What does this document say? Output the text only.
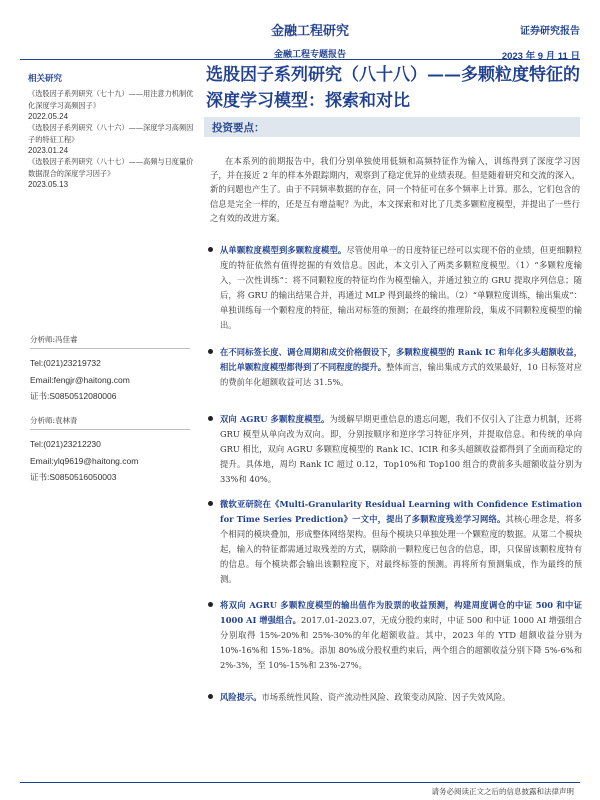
金融工程研究
金融工程专题报告
证券研究报告
2023 年 9 月 11 日
相关研究
《选股因子系列研究（七十九）——用注意力机制优化深度学习高频因子》
2022.05.24
《选股因子系列研究（八十六）——深度学习高频因子的特征工程》
2023.01.24
《选股因子系列研究（八十七）——高频与日度量价数据混合的深度学习因子》
2023.05.13
分析师:冯佳睿
Tel:(021)23219732
Email:fengjr@haitong.com
证书:S0850512080006
分析师:袁林青
Tel:(021)23212230
Email:ylq9619@haitong.com
证书:S0850516050003
选股因子系列研究（八十八）——多颗粒度特征的深度学习模型：探索和对比
投资要点：

在本系列的前期报告中，我们分别单独使用低频和高频特征作为输入，训练得到了深度学习因子，并在接近 2 年的样本外跟踪期内，观察到了稳定优异的业绩表现。但是随着研究和交流的深入，新的问题也产生了。由于不同频率数据的存在，同一个特征可在多个频率上计算。那么，它们包含的信息是完全一样的，还是互有增益呢？为此，本文探索和对比了几类多颗粒度模型，并提出了一些行之有效的改进方案。

从单颗粒度模型到多颗粒度模型。尽管使用单一的日度特征已经可以实现不俗的业绩，但更细颗粒度的特征依然有值得挖掘的有效信息。因此，本文引入了两类多颗粒度模型。（1）“多颗粒度输入，一次性训练”：将不同颗粒度的特征均作为模型输入，并通过独立的 GRU 提取序列信息；随后，将 GRU 的输出结果合并，再通过 MLP 得到最终的输出。（2）“单颗粒度训练，输出集成”：单独训练每一个颗粒度的特征，输出对标签的预测；在最终的推理阶段，集成不同颗粒度模型的输出。
在不同标签长度、调仓周期和成交价格假设下，多颗粒度模型的 Rank IC 和年化多头超额收益，相比单颗粒度模型都得到了不同程度的提升。整体而言，输出集成方式的效果最好，10 日标签对应的费前年化超额收益可达 31.5%。
双向 AGRU 多颗粒度模型。为缓解早期更重信息的遗忘问题，我们不仅引入了注意力机制，还将 GRU 模型从单向改为双向。即，分别按顺序和逆序学习特征序列，并提取信息。和传统的单向 GRU 相比，双向 AGRU 多颗粒度模型的 Rank IC、ICIR 和多头超额收益都得到了全面而稳定的提升。具体地，周均 Rank IC 超过 0.12，Top10%和 Top100 组合的费前多头超额收益分别为 33%和 40%。
微软亚研院在《Multi-Granularity Residual Learning with Confidence Estimation for Time Series Prediction》一文中，提出了多颗粒度残差学习网络。其核心理念是，将多个相同的模块叠加，形成整体网络架构。但每个模块只单独处理一个颗粒度的数据。从第二个模块起，输入的特征都需通过取残差的方式，剔除前一颗粒度已包含的信息，即，只保留该颗粒度特有的信息。每个模块都会输出该颗粒度下，对最终标签的预测。再将所有预测集成，作为最终的预测。
将双向 AGRU 多颗粒度模型的输出值作为股票的收益预测，构建周度调仓的中证 500 和中证 1000 AI 增强组合。2017.01-2023.07，无成分股约束时，中证 500 和中证 1000 AI 增强组合分别取得 15%-20%和 25%-30%的年化超额收益。其中，2023 年的 YTD 超额收益分别为 10%-16%和 15%-18%。添加 80%成分股权重约束后，两个组合的超额收益分别下降 5%-6%和 2%-3%，至 10%-15%和 23%-27%。
风险提示。市场系统性风险、资产流动性风险、政策变动风险、因子失效风险。
请务必阅读正文之后的信息披露和法律声明
